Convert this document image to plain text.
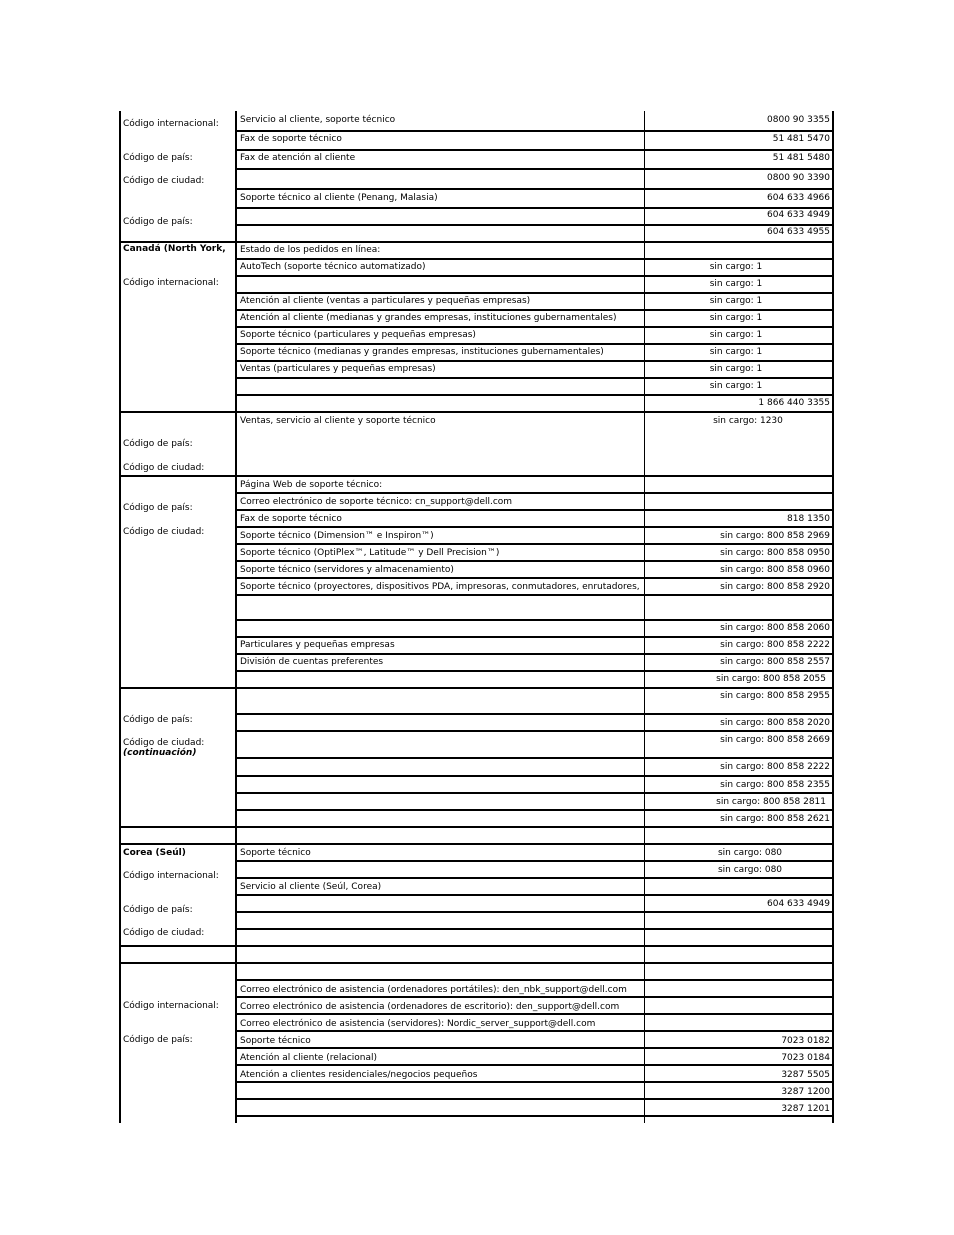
Código internacional:
Código de país:
Código de ciudad:
Código de país:
Canadá (North York,
Código internacional:
Código de país:
Código de ciudad:
Código de país:
Código de ciudad:
Código de país:
Código de ciudad:
(continuación)
Corea (Seúl)
Código internacional:
Código de país:
Código de ciudad:
Código internacional:
Código de país:
Servicio al cliente, soporte técnico
Fax de soporte técnico
Fax de atención al cliente
Soporte técnico al cliente (Penang, Malasia)
Estado de los pedidos en línea:
AutoTech (soporte técnico automatizado)
Atención al cliente (ventas a particulares y pequeñas empresas)
Atención al cliente (medianas y grandes empresas, instituciones gubernamentales)
Soporte técnico (particulares y pequeñas empresas)
Soporte técnico (medianas y grandes empresas, instituciones gubernamentales)
Ventas (particulares y pequeñas empresas)
Ventas, servicio al cliente y soporte técnico
Página Web de soporte técnico:
Correo electrónico de soporte técnico: cn_support@dell.com
Fax de soporte técnico
Soporte técnico (Dimension™ e Inspiron™)
Soporte técnico (OptiPlex™, Latitude™ y Dell Precision™)
Soporte técnico (servidores y almacenamiento)
Soporte técnico (proyectores, dispositivos PDA, impresoras, conmutadores, enrutadores,
Particulares y pequeñas empresas
División de cuentas preferentes
Soporte técnico
Servicio al cliente (Seúl, Corea)
Correo electrónico de asistencia (ordenadores portátiles): den_nbk_support@dell.com
Correo electrónico de asistencia (ordenadores de escritorio): den_support@dell.com
Correo electrónico de asistencia (servidores): Nordic_server_support@dell.com
Soporte técnico
Atención al cliente (relacional)
Atención a clientes residenciales/negocios pequeños
0800 90 3355
51 481 5470
51 481 5480
0800 90 3390
604 633 4966
604 633 4949
604 633 4955
1 866 440 3355
818 1350
sin cargo: 800 858 2969
sin cargo: 800 858 0950
sin cargo: 800 858 0960
sin cargo: 800 858 2920
sin cargo: 800 858 2060
sin cargo: 800 858 2222
sin cargo: 800 858 2557
sin cargo: 800 858 2055
sin cargo: 800 858 2955
sin cargo: 800 858 2020
sin cargo: 800 858 2669
sin cargo: 800 858 2222
sin cargo: 800 858 2355
sin cargo: 800 858 2811
sin cargo: 800 858 2621
604 633 4949
7023 0182
7023 0184
3287 5505
3287 1200
3287 1201
sin cargo: 1
sin cargo: 1
sin cargo: 1
sin cargo: 1
sin cargo: 1
sin cargo: 1
sin cargo: 1
sin cargo: 1
sin cargo: 1230
sin cargo: 080
sin cargo: 080
